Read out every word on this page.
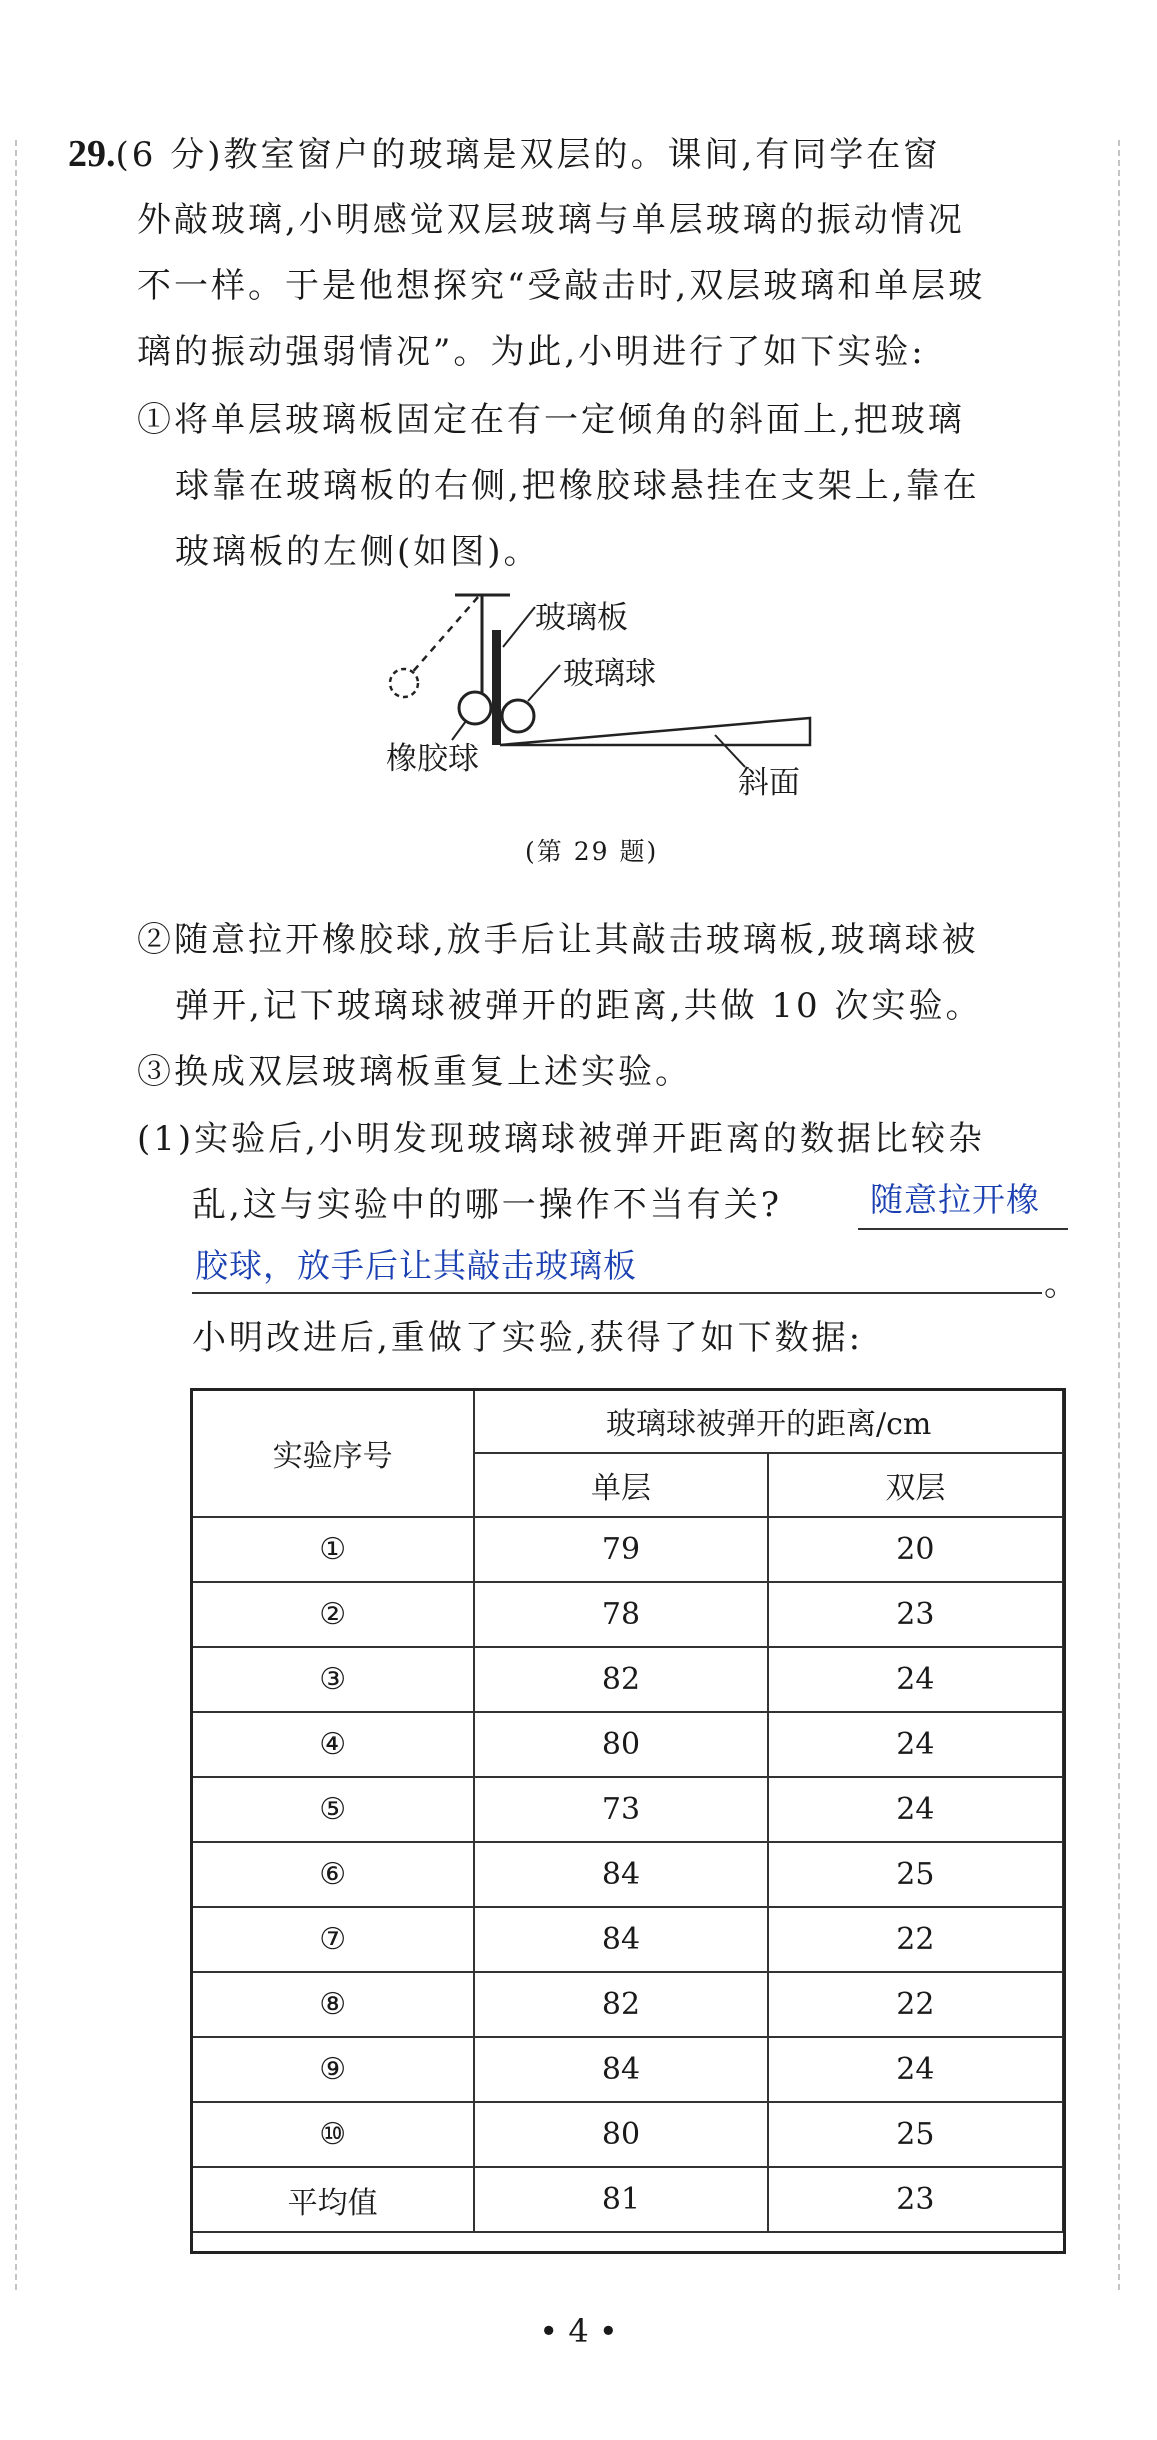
29.(6 分)教室窗户的玻璃是双层的。课间,有同学在窗
外敲玻璃,小明感觉双层玻璃与单层玻璃的振动情况
不一样。于是他想探究“受敲击时,双层玻璃和单层玻
璃的振动强弱情况”。为此,小明进行了如下实验:
①将单层玻璃板固定在有一定倾角的斜面上,把玻璃
球靠在玻璃板的右侧,把橡胶球悬挂在支架上,靠在
玻璃板的左侧(如图)。
玻璃板
玻璃球
橡胶球
斜面
(第 29 题)
②随意拉开橡胶球,放手后让其敲击玻璃板,玻璃球被
弹开,记下玻璃球被弹开的距离,共做 10 次实验。
③换成双层玻璃板重复上述实验。
(1)实验后,小明发现玻璃球被弹开距离的数据比较杂
乱,这与实验中的哪一操作不当有关?	随意拉开橡
胶球，放手后让其敲击玻璃板	。
小明改进后,重做了实验,获得了如下数据:
实验序号	玻璃球被弹开的距离/cm	
	单层	双层
①	79	20
②	78	23
③	82	24
④	80	24
⑤	73	24
⑥	84	25
⑦	84	22
⑧	82	22
⑨	84	24
⑩	80	25
平均值	81	23
• 4 •
